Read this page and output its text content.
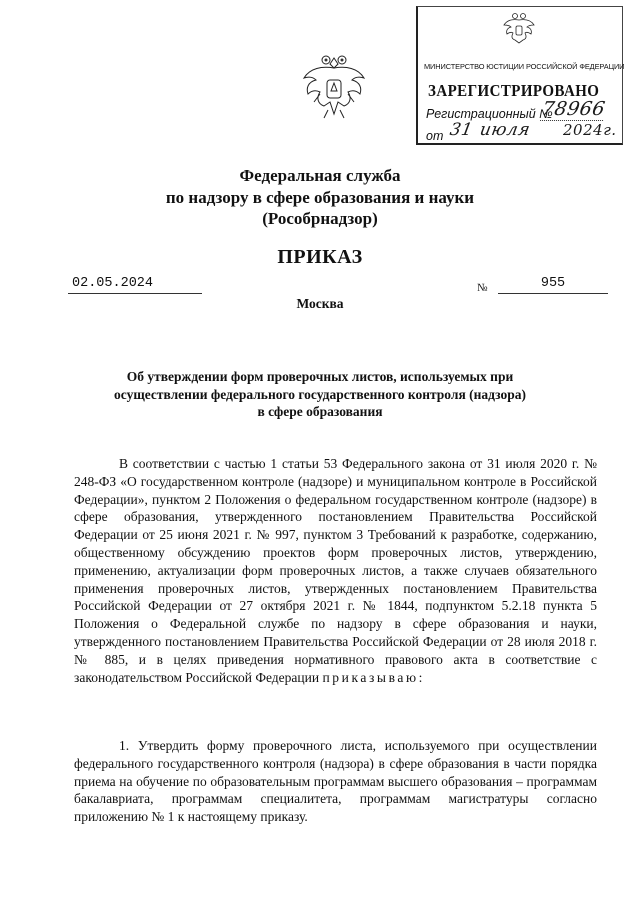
МИНИСТЕРСТВО ЮСТИЦИИ РОССИЙСКОЙ ФЕДЕРАЦИИ
ЗАРЕГИСТРИРОВАНО
Регистрационный №
78966
от 31 июля 2024г.
Федеральная служба
по надзору в сфере образования и науки
(Рособрнадзор)
ПРИКАЗ
02.05.2024	№	955
Москва
Об утверждении форм проверочных листов, используемых при
осуществлении федерального государственного контроля (надзора)
в сфере образования
В соответствии с частью 1 статьи 53 Федерального закона от 31 июля 2020 г. № 248-ФЗ «О государственном контроле (надзоре) и муниципальном контроле в Российской Федерации», пунктом 2 Положения о федеральном государственном контроле (надзоре) в сфере образования, утвержденного постановлением Правительства Российской Федерации от 25 июня 2021 г. № 997, пунктом 3 Требований к разработке, содержанию, общественному обсуждению проектов форм проверочных листов, утверждению, применению, актуализации форм проверочных листов, а также случаев обязательного применения проверочных листов, утвержденных постановлением Правительства Российской Федерации от 27 октября 2021 г. № 1844, подпунктом 5.2.18 пункта 5 Положения о Федеральной службе по надзору в сфере образования и науки, утвержденного постановлением Правительства Российской Федерации от 28 июля 2018 г. № 885, и в целях приведения нормативного правового акта в соответствие с законодательством Российской Федерации приказываю:
1. Утвердить форму проверочного листа, используемого при осуществлении федерального государственного контроля (надзора) в сфере образования в части порядка приема на обучение по образовательным программам высшего образования – программам бакалавриата, программам специалитета, программам магистратуры согласно приложению № 1 к настоящему приказу.
